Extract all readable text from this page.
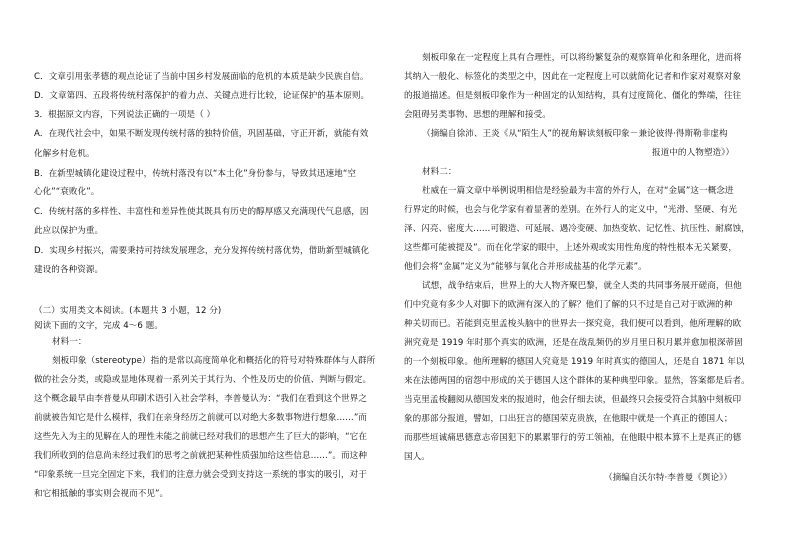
C．文章引用张孝德的观点论证了当前中国乡村发展面临的危机的本质是缺少民族自信。
D．文章第四、五段将传统村落保护的着力点、关键点进行比较，论证保护的基本原则。
3．根据原文内容，下列说法正确的一项是（ ）
A．在现代社会中，如果不断发现传统村落的独特价值，巩固基础，守正开新，就能有效
化解乡村危机。
B．在新型城镇化建设过程中，传统村落没有以“本土化”身份参与，导致其迅速地“空
心化”“衰败化”。
C．传统村落的多样性、丰富性和差异性使其既具有历史的醇厚感又充满现代气息感，因
此应以保护为重。
D．实现乡村振兴，需要秉持可持续发展理念，充分发挥传统村落优势，借助新型城镇化
建设的各种资源。
（二）实用类文本阅读。(本题共 3 小题，12 分)
阅读下面的文字，完成 4～6 题。
材料一：
刻板印象（stereotype）指的是常以高度简单化和概括化的符号对特殊群体与人群所
做的社会分类，或隐或显地体现着一系列关于其行为、个性及历史的价值、判断与假定。
这个概念最早由李普曼从印刷术语引入社会学科，李普曼认为：“我们在看到这个世界之
前就被告知它是什么模样，我们在亲身经历之前就可以对绝大多数事物进行想象……”而
这些先入为主的见解在人的理性未能之前就已经对我们的思想产生了巨大的影响，“它在
我们所收到的信息尚未经过我们的思考之前就把某种性质强加给这些信息……”。而这种
“印象系统一旦完全固定下来，我们的注意力就会受到支持这一系统的事实的吸引，对于
和它相抵触的事实则会视而不见”。
刻板印象在一定程度上具有合理性，可以将纷繁复杂的观察简单化和条理化，进而将
其纳入一般化、标签化的类型之中，因此在一定程度上可以就简化记者和作家对观察对象
的报道描述。但是刻板印象作为一种固定的认知结构，具有过度简化、僵化的弊端，往往
会阻碍另类事物、思想的理解和接受。
（摘编自徐沛、王炎《从“陌生人”的视角解读刻板印象－兼论彼得·得斯勒非虚构
报道中的人物塑造》）
材料二：
杜威在一篇文章中举例说明相信是经验最为丰富的外行人，在对“金属”这一概念进
行界定的时候，也会与化学家有着显著的差别。在外行人的定义中，“光滑、坚硬、有光
泽、闪亮、密度大……可锻造、可延展、遇冷变硬、加热变软、记忆性、抗压性、耐腐蚀，
这些都可能被提及”。而在化学家的眼中，上述外观或实用性角度的特性根本无关紧要，
他们会将“金属”定义为“能够与氧化合并形成盐基的化学元素”。
试想，战争结束后，世界上的大人物齐聚巴黎，就全人类的共同事务展开磋商，但他
们中究竟有多少人对脚下的欧洲有深入的了解？他们了解的只不过是自己对于欧洲的种
种关切而已。若能到克里孟梭头脑中的世界去一探究竟，我们便可以看到，他所理解的欧
洲究竟是 1919 年时那个真实的欧洲，还是在战乱频仍的岁月里日积月累并愈加根深蒂固
的一个刻板印象。他所理解的德国人究竟是 1919 年时真实的德国人，还是自 1871 年以
来在法德两国的宿怨中形成的关于德国人这个群体的某种典型印象。显然，答案都是后者。
当克里孟梭翻阅从德国发来的报道时，他会仔细去读，但最终只会接受符合其脑中刻板印
象的那部分报道，譬如，口出狂言的德国荣克贵族，在他眼中就是一个真正的德国人；
而那些垣诚痛思德意志帝国犯下的累累罪行的劳工领袖，在他眼中根本算不上是真正的德
国人。
（摘编自沃尔特·李普曼《舆论》）
